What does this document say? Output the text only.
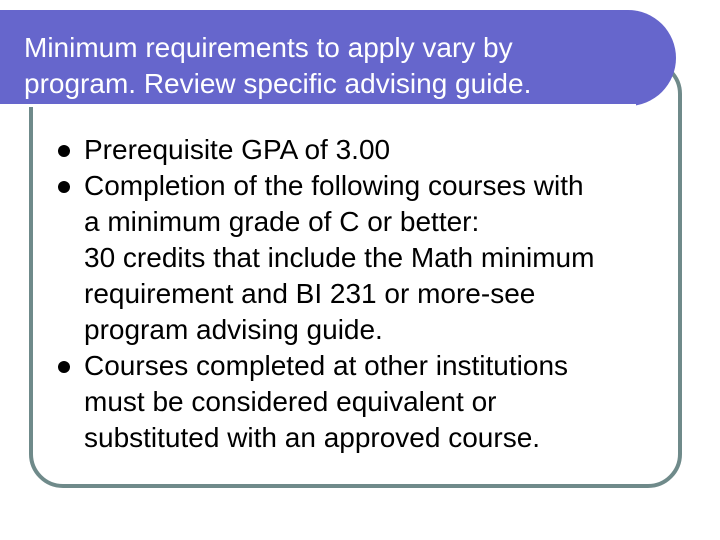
Minimum requirements to apply vary by
program. Review specific advising guide.
Prerequisite GPA of 3.00
Completion of the following courses with
a minimum grade of C or better:
30 credits that include the Math minimum
requirement and BI 231 or more-see
program advising guide.
Courses completed at other institutions
must be considered equivalent or
substituted with an approved course.
